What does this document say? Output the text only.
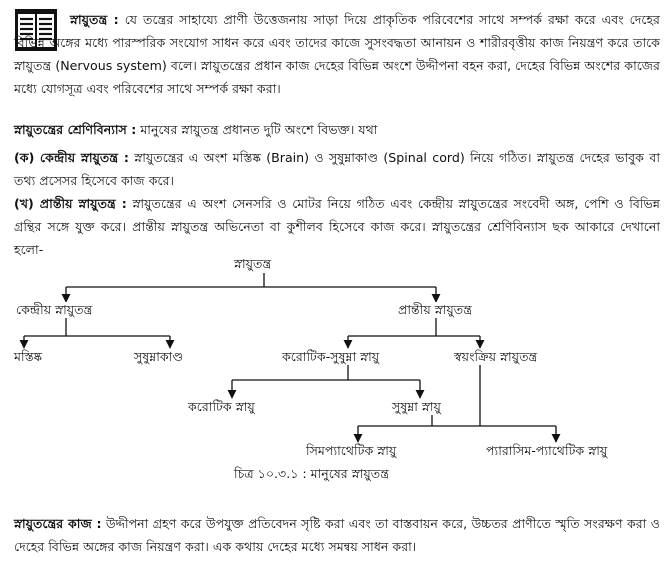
স্নায়ুতন্ত্র : যে তন্ত্রের সাহায্যে প্রাণী উত্তেজনায় সাড়া দিয়ে প্রাকৃতিক পরিবেশের সাথে সম্পর্ক রক্ষা করে এবং দেহের বিভিন্ন অঙ্গের মধ্যে পারস্পরিক সংযোগ সাধন করে এবং তাদের কাজে সুসংবদ্ধতা আনায়ন ও শারীরবৃত্তীয় কাজ নিয়ন্ত্রণ করে তাকে স্নায়ুতন্ত্র (Nervous system) বলে। স্নায়ুতন্ত্রের প্রধান কাজ দেহের বিভিন্ন অংশে উদ্দীপনা বহন করা, দেহের বিভিন্ন অংশের কাজের মধ্যে যোগসূত্র এবং পরিবেশের সাথে সম্পর্ক রক্ষা করা।
স্নায়ুতন্ত্রের শ্রেণিবিন্যাস : মানুষের স্নায়ুতন্ত্র প্রধানত দুটি অংশে বিভক্ত। যথা
(ক) কেন্দ্রীয় স্নায়ুতন্ত্র : স্নায়ুতন্ত্রের এ অংশ মস্তিষ্ক (Brain) ও সুষুম্নাকাণ্ড (Spinal cord) নিয়ে গঠিত। স্নায়ুতন্ত্র দেহের ভাবুক বা তথ্য প্রসেসর হিসেবে কাজ করে।
(খ) প্রান্তীয় স্নায়ুতন্ত্র : স্নায়ুতন্ত্রের এ অংশ সেনসরি ও মোটর নিয়ে গঠিত এবং কেন্দ্রীয় স্নায়ুতন্ত্রের সংবেদী অঙ্গ, পেশি ও বিভিন্ন গ্রন্থির সঙ্গে যুক্ত করে। প্রান্তীয় স্নায়ুতন্ত্র অভিনেতা বা কুশীলব হিসেবে কাজ করে। স্নায়ুতন্ত্রের শ্রেণিবিন্যাস ছক আকারে দেখানো হলো-
স্নায়ুতন্ত্র
কেন্দ্রীয় স্নায়ুতন্ত্র	প্রান্তীয় স্নায়ুতন্ত্র
মস্তিষ্ক	সুষুম্নাকাণ্ড	করোটিক-সুষুম্না স্নায়ু	স্বয়ংক্রিয় স্নায়ুতন্ত্র
করোটিক স্নায়ু	সুষুম্না স্নায়ু
সিমপ্যাথেটিক স্নায়ু	প্যারাসিম-প্যাথেটিক স্নায়ু
চিত্র ১০.৩.১ : মানুষের স্নায়ুতন্ত্র
স্নায়ুতন্ত্রের কাজ : উদ্দীপনা গ্রহণ করে উপযুক্ত প্রতিবেদন সৃষ্টি করা এবং তা বাস্তবায়ন করে, উচ্চতর প্রাণীতে স্মৃতি সংরক্ষণ করা ও দেহের বিভিন্ন অঙ্গের কাজ নিয়ন্ত্রণ করা। এক কথায় দেহের মধ্যে সমন্বয় সাধন করা।
